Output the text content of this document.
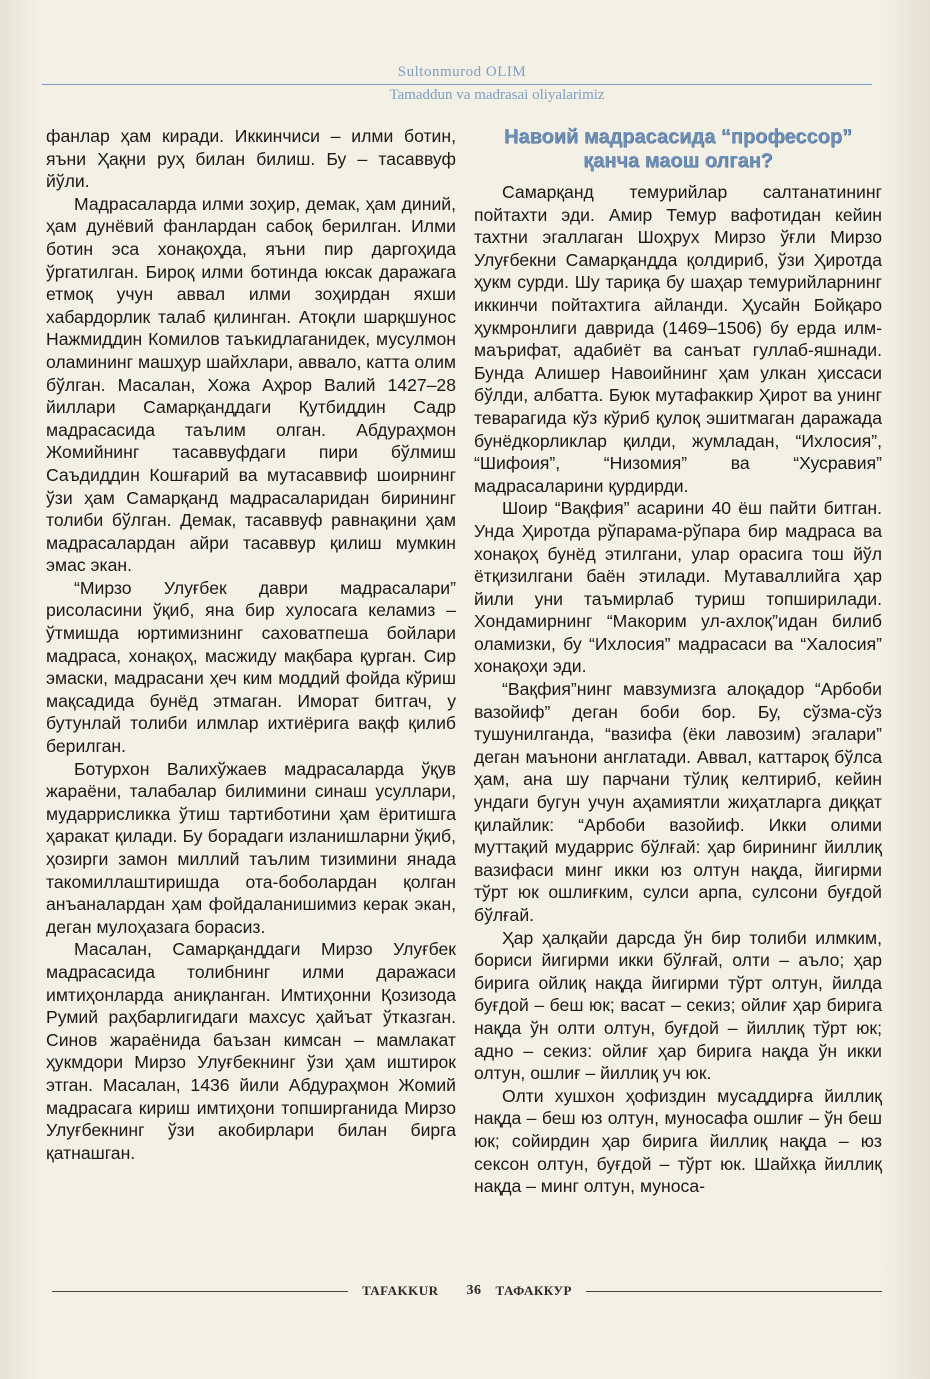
Sultonmurod OLIM
Tamaddun va madrasai oliyalarimiz

фанлар ҳам киради. Иккинчиси – илми ботин, яъни Ҳақни руҳ билан билиш. Бу – тасаввуф йўли.

Мадрасаларда илми зоҳир, демак, ҳам диний, ҳам дунёвий фанлардан сабоқ берилган. Илми ботин эса хонақоҳда, яъни пир даргоҳида ўргатилган. Бироқ илми ботинда юксак даражага етмоқ учун аввал илми зоҳирдан яхши хабардорлик талаб қилинган. Атоқли шарқшунос Нажмиддин Комилов таъкидлаганидек, мусулмон оламининг машҳур шайхлари, аввало, катта олим бўлган. Масалан, Хожа Аҳрор Валий 1427–28 йиллари Самарқанддаги Қутбиддин Садр мадрасасида таълим олган. Абдураҳмон Жомийнинг тасаввуфдаги пири бўлмиш Саъдиддин Кошғарий ва мутасаввиф шоирнинг ўзи ҳам Самарқанд мадрасаларидан бирининг толиби бўлган. Демак, тасаввуф равнақини ҳам мадрасалардан айри тасаввур қилиш мумкин эмас экан.

“Мирзо Улуғбек даври мадрасалари” рисоласини ўқиб, яна бир хулосага келамиз – ўтмишда юртимизнинг саховатпеша бойлари мадраса, хонақоҳ, масжиду мақбара қурган. Сир эмаски, мадрасани ҳеч ким моддий фойда кўриш мақсадида бунёд этмаган. Иморат битгач, у бутунлай толиби илмлар ихтиёрига вақф қилиб берилган.

Ботурхон Валихўжаев мадрасаларда ўқув жараёни, талабалар билимини синаш усуллари, мударрисликка ўтиш тартиботини ҳам ёритишга ҳаракат қилади. Бу борадаги изланишларни ўқиб, ҳозирги замон миллий таълим тизимини янада такомиллаштиришда ота-боболардан қолган анъаналардан ҳам фойдаланишимиз керак экан, деган мулоҳазага борасиз.

Масалан, Самарқанддаги Мирзо Улуғбек мадрасасида толибнинг илми даражаси имтиҳонларда аниқланган. Имтиҳонни Қозизода Румий раҳбарлигидаги махсус ҳайъат ўтказган. Синов жараёнида баъзан кимсан – мамлакат ҳукмдори Мирзо Улуғбекнинг ўзи ҳам иштирок этган. Масалан, 1436 йили Абдураҳмон Жомий мадрасага кириш имтиҳони топширганида Мирзо Улуғбекнинг ўзи акобирлари билан бирга қатнашган.

Навоий мадрасасида “профессор”
қанча маош олган?

Самарқанд темурийлар салтанатининг пойтахти эди. Амир Темур вафотидан кейин тахтни эгаллаган Шоҳрух Мирзо ўғли Мирзо Улуғбекни Самарқандда қолдириб, ўзи Ҳиротда ҳукм сурди. Шу тариқа бу шаҳар темурийларнинг иккинчи пойтахтига айланди. Ҳусайн Бойқаро ҳукмронлиги даврида (1469–1506) бу ерда илм-маърифат, адабиёт ва санъат гуллаб-яшнади. Бунда Алишер Навоийнинг ҳам улкан ҳиссаси бўлди, албатта. Буюк мутафаккир Ҳирот ва унинг теварагида кўз кўриб қулоқ эшитмаган даражада бунёдкорликлар қилди, жумладан, “Ихлосия”, “Шифоия”, “Низомия” ва “Хусравия” мадрасаларини қурдирди.

Шоир “Вақфия” асарини 40 ёш пайти битган. Унда Ҳиротда рўпарама-рўпара бир мадраса ва хонақоҳ бунёд этилгани, улар орасига тош йўл ётқизилгани баён этилади. Мутаваллийга ҳар йили уни таъмирлаб туриш топширилади. Хондамирнинг “Макорим ул-ахлоқ”идан билиб оламизки, бу “Ихлосия” мадрасаси ва “Халосия” хонақоҳи эди.

“Вақфия”нинг мавзумизга алоқадор “Арбоби вазойиф” деган боби бор. Бу, сўзма-сўз тушунилганда, “вазифа (ёки лавозим) эгалари” деган маънони англатади. Аввал, каттароқ бўлса ҳам, ана шу парчани тўлиқ келтириб, кейин ундаги бугун учун аҳамиятли жиҳатларга диққат қилайлик: “Арбоби вазойиф. Икки олими муттақий мударрис бўлғай: ҳар бирининг йиллиқ вазифаси минг икки юз олтун нақда, йигирми тўрт юк ошлиғким, сулси арпа, сулсони буғдой бўлғай.

Ҳар ҳалқайи дарсда ўн бир толиби илмким, бориси йигирми икки бўлғай, олти – аъло; ҳар бирига ойлиқ нақда йигирми тўрт олтун, йилда буғдой – беш юк; васат – секиз; ойлиғ ҳар бирига нақда ўн олти олтун, буғдой – йиллиқ тўрт юк; адно – секиз: ойлиғ ҳар бирига нақда ўн икки олтун, ошлиғ – йиллиқ уч юк.

Олти хушхон ҳофиздин мусаддирға йиллиқ нақда – беш юз олтун, муносафа ошлиғ – ўн беш юк; сойирдин ҳар бирига йиллиқ нақда – юз сексон олтун, буғдой – тўрт юк. Шайхқа йиллиқ нақда – минг олтун, муноса-

TAFAKKUR 36 ТАФАККУР
